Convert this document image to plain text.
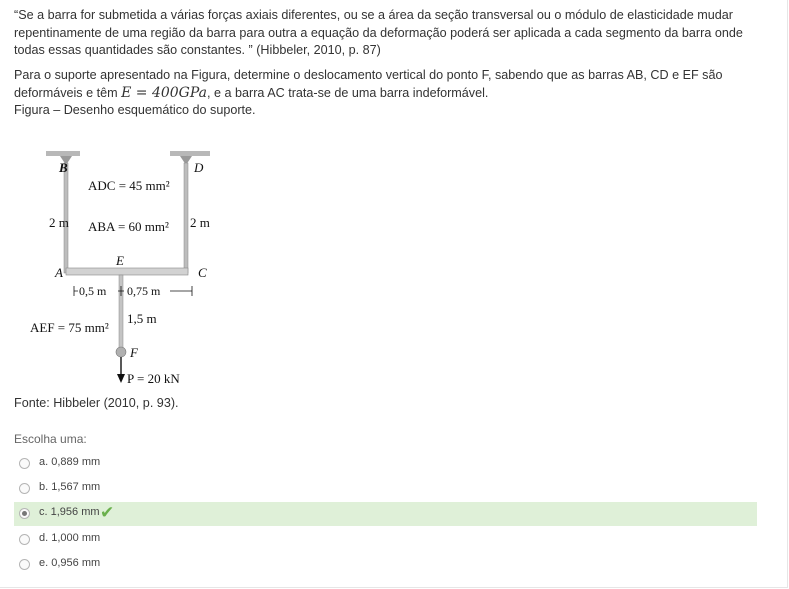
“Se a barra for submetida a várias forças axiais diferentes, ou se a área da seção transversal ou o módulo de elasticidade mudar repentinamente de uma região da barra para outra a equação da deformação poderá ser aplicada a cada segmento da barra onde todas essas quantidades são constantes. ” (Hibbeler, 2010, p. 87)
Para o suporte apresentado na Figura, determine o deslocamento vertical do ponto F, sabendo que as barras AB, CD e EF são deformáveis e têm E = 400GPa, e a barra AC trata-se de uma barra indeformável.
Figura – Desenho esquemático do suporte.
B	D
ADC = 45 mm²
2 m ABA = 60 mm² 2 m
E
A	C
0,5 m 0,75 m
1,5 m
AEF = 75 mm²
F
P = 20 kN
Fonte: Hibbeler (2010, p. 93).
Escolha uma:
a. 0,889 mm
b. 1,567 mm
c. 1,956 mm ✔
d. 1,000 mm
e. 0,956 mm
